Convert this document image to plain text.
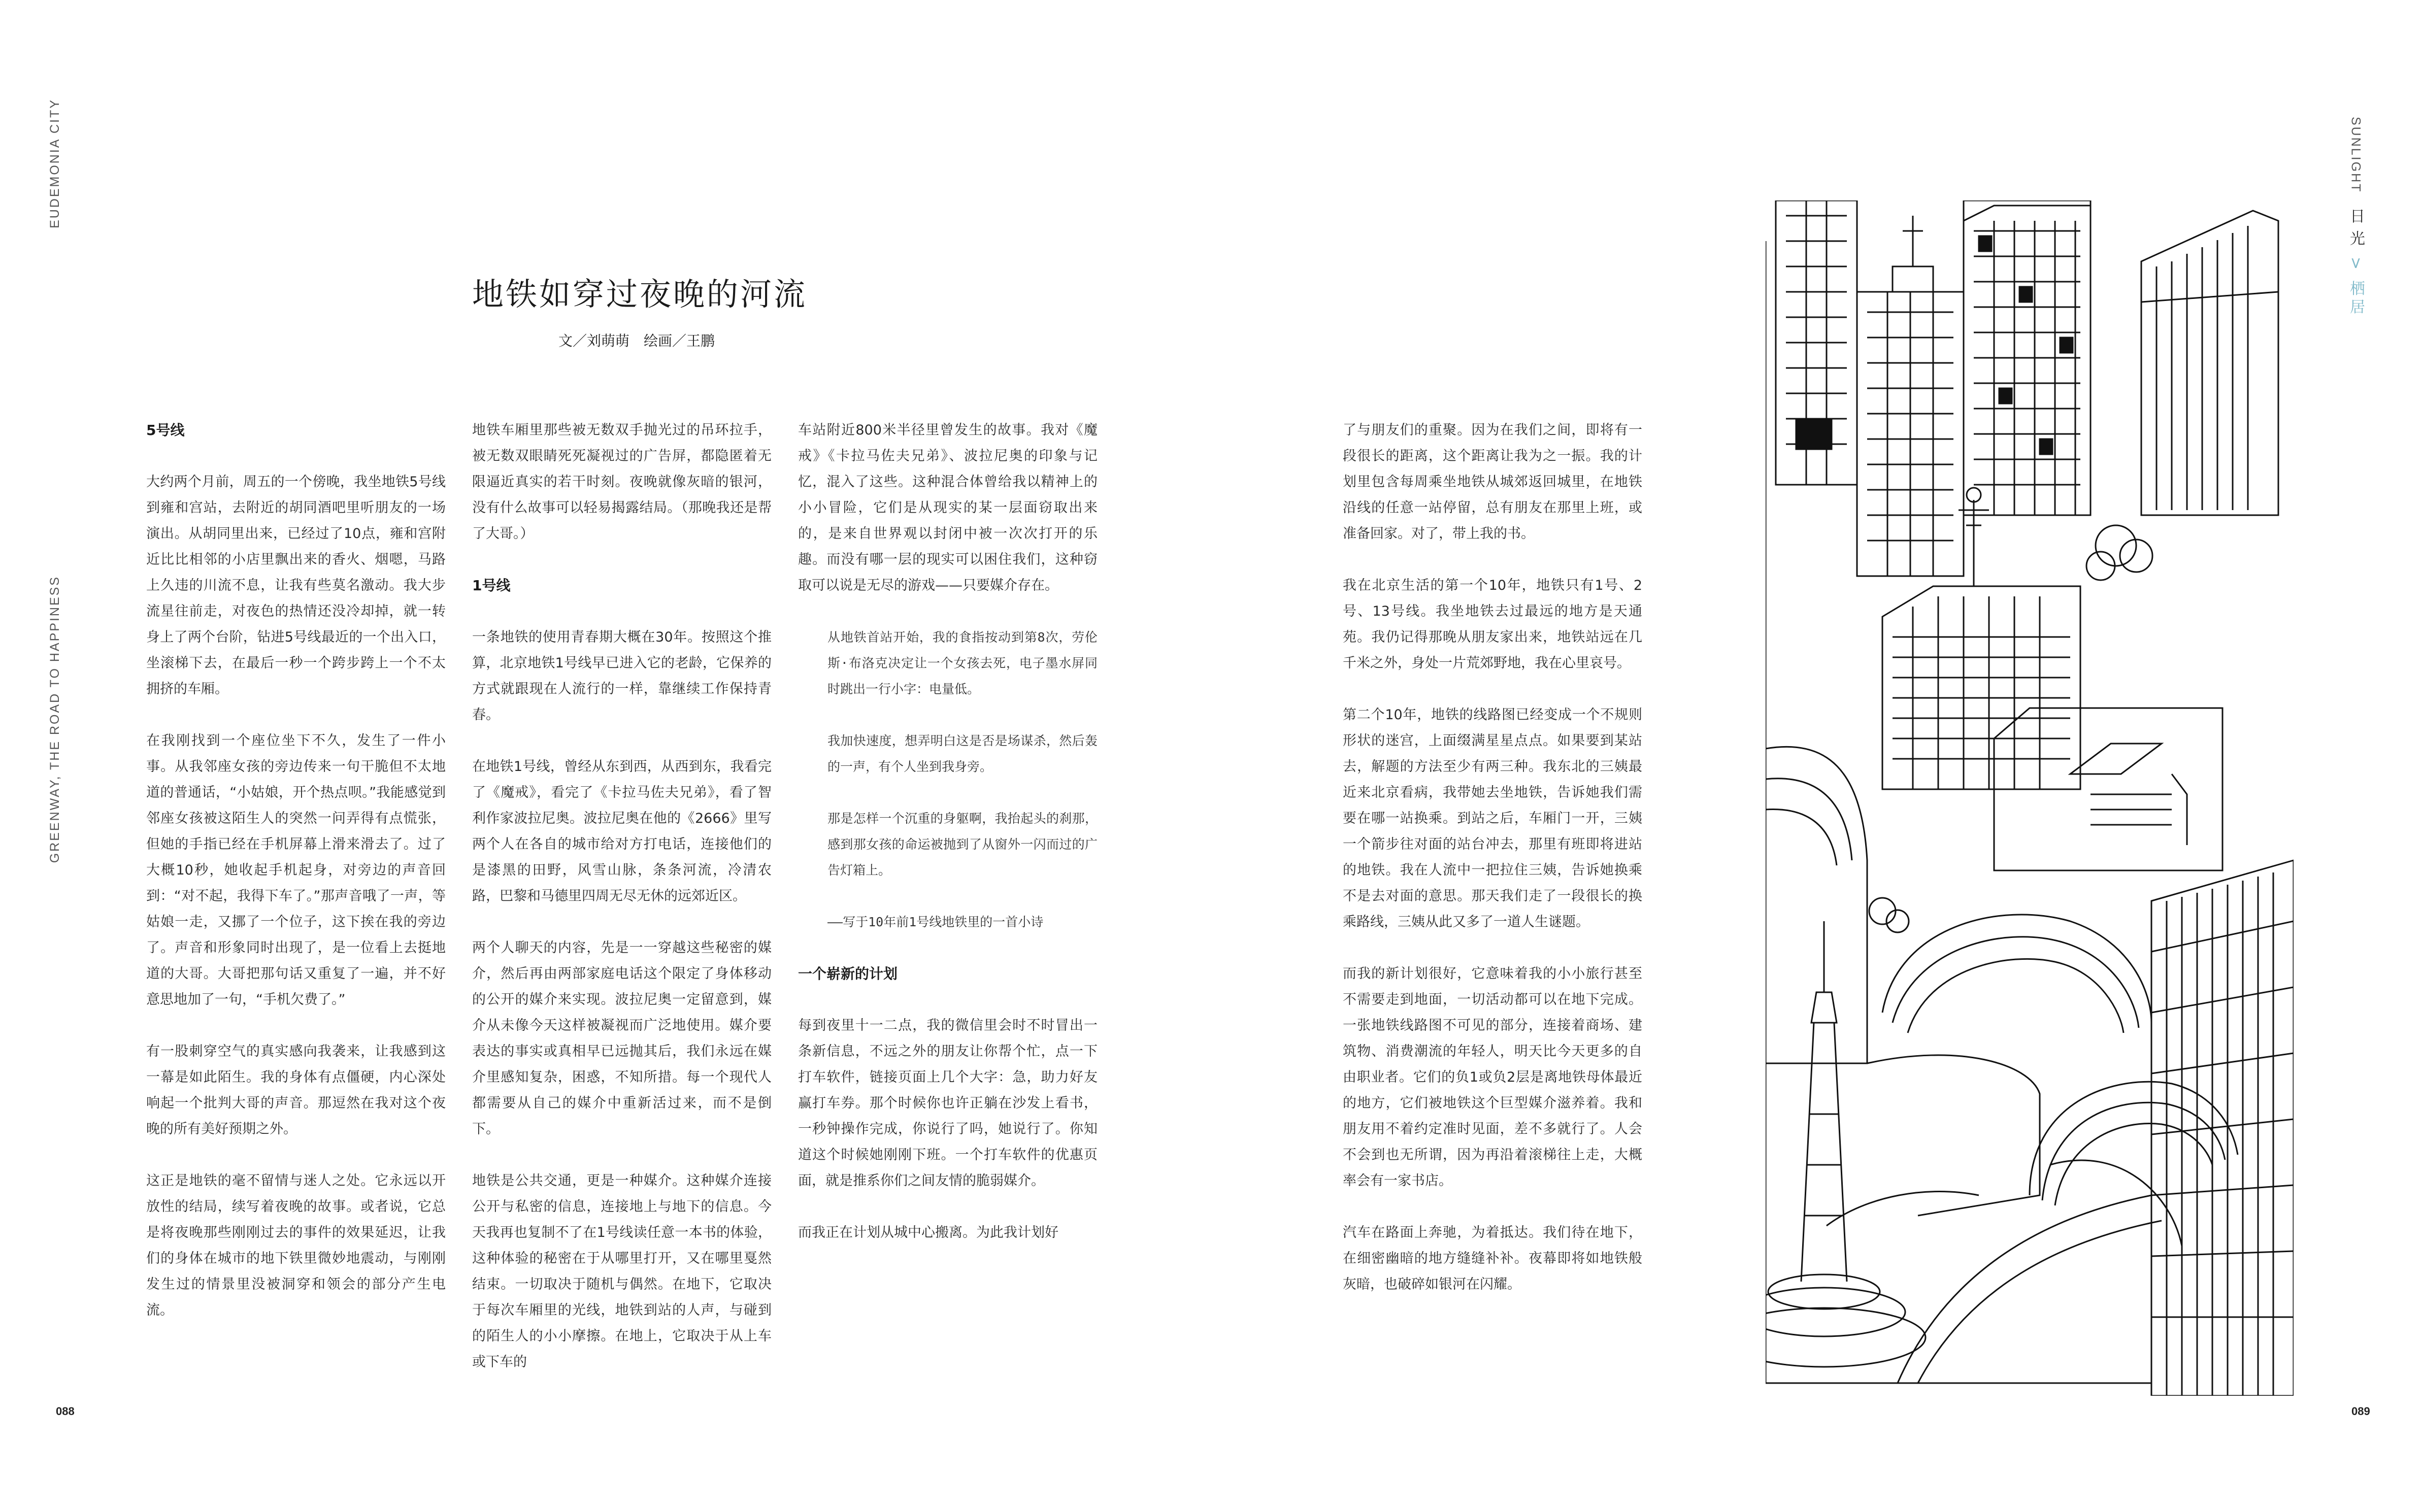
EUDEMONIA CITY
GREENWAY, THE ROAD TO HAPPINESS
地铁如穿过夜晚的河流
文／刘萌萌　绘画／王鹏
5号线

大约两个月前，周五的一个傍晚，我坐地铁5号线到雍和宫站，去附近的胡同酒吧里听朋友的一场演出。从胡同里出来，已经过了10点，雍和宫附近比比相邻的小店里飘出来的香火、烟嗯，马路上久违的川流不息，让我有些莫名激动。我大步流星往前走，对夜色的热情还没冷却掉，就一转身上了两个台阶，钻进5号线最近的一个出入口，坐滚梯下去，在最后一秒一个跨步跨上一个不太拥挤的车厢。

在我刚找到一个座位坐下不久，发生了一件小事。从我邻座女孩的旁边传来一句干脆但不太地道的普通话，“小姑娘，开个热点呗。”我能感觉到邻座女孩被这陌生人的突然一问弄得有点慌张，但她的手指已经在手机屏幕上滑来滑去了。过了大概10秒，她收起手机起身，对旁边的声音回到：“对不起，我得下车了。”那声音哦了一声，等姑娘一走，又挪了一个位子，这下挨在我的旁边了。声音和形象同时出现了，是一位看上去挺地道的大哥。大哥把那句话又重复了一遍，并不好意思地加了一句，“手机欠费了。”

有一股刺穿空气的真实感向我袭来，让我感到这一幕是如此陌生。我的身体有点僵硬，内心深处响起一个批判大哥的声音。那逗然在我对这个夜晚的所有美好预期之外。

这正是地铁的毫不留情与迷人之处。它永远以开放性的结局，续写着夜晚的故事。或者说，它总是将夜晚那些刚刚过去的事件的效果延迟，让我们的身体在城市的地下铁里微妙地震动，与刚刚发生过的情景里没被洞穿和领会的部分产生电流。

地铁车厢里那些被无数双手抛光过的吊环拉手，被无数双眼睛死死凝视过的广告屏，都隐匿着无限逼近真实的若干时刻。夜晚就像灰暗的银河，没有什么故事可以轻易揭露结局。（那晚我还是帮了大哥。）

1号线

一条地铁的使用青春期大概在30年。按照这个推算，北京地铁1号线早已进入它的老龄，它保养的方式就跟现在人流行的一样，靠继续工作保持青春。

在地铁1号线，曾经从东到西，从西到东，我看完了《魔戒》，看完了《卡拉马佐夫兄弟》，看了智利作家波拉尼奥。波拉尼奥在他的《2666》里写两个人在各自的城市给对方打电话，连接他们的是漆黑的田野，风雪山脉，条条河流，冷清农路，巴黎和马德里四周无尽无休的远郊近区。

两个人聊天的内容，先是一一穿越这些秘密的媒介，然后再由两部家庭电话这个限定了身体移动的公开的媒介来实现。波拉尼奥一定留意到，媒介从未像今天这样被凝视而广泛地使用。媒介要表达的事实或真相早已远抛其后，我们永远在媒介里感知复杂，困惑，不知所措。每一个现代人都需要从自己的媒介中重新活过来，而不是倒下。

地铁是公共交通，更是一种媒介。这种媒介连接公开与私密的信息，连接地上与地下的信息。今天我再也复制不了在1号线读任意一本书的体验，这种体验的秘密在于从哪里打开，又在哪里戛然结束。一切取决于随机与偶然。在地下，它取决于每次车厢里的光线，地铁到站的人声，与碰到的陌生人的小小摩擦。在地上，它取决于从上车或下车的

车站附近800米半径里曾发生的故事。我对《魔戒》《卡拉马佐夫兄弟》、波拉尼奥的印象与记忆，混入了这些。这种混合体曾给我以精神上的小小冒险，它们是从现实的某一层面窃取出来的，是来自世界观以封闭中被一次次打开的乐趣。而没有哪一层的现实可以困住我们，这种窃取可以说是无尽的游戏——只要媒介存在。

从地铁首站开始，我的食指按动到第8次，劳伦斯·布洛克决定让一个女孩去死，电子墨水屏同时跳出一行小字：电量低。

我加快速度，想弄明白这是否是场谋杀，然后轰的一声，有个人坐到我身旁。

那是怎样一个沉重的身躯啊，我抬起头的刹那，感到那女孩的命运被抛到了从窗外一闪而过的广告灯箱上。

——写于10年前1号线地铁里的一首小诗

一个崭新的计划

每到夜里十一二点，我的微信里会时不时冒出一条新信息，不远之外的朋友让你帮个忙，点一下打车软件，链接页面上几个大字：急，助力好友赢打车券。那个时候你也许正躺在沙发上看书，一秒钟操作完成，你说行了吗，她说行了。你知道这个时候她刚刚下班。一个打车软件的优惠页面，就是推系你们之间友情的脆弱媒介。

而我正在计划从城中心搬离。为此我计划好

了与朋友们的重聚。因为在我们之间，即将有一段很长的距离，这个距离让我为之一振。我的计划里包含每周乘坐地铁从城郊返回城里，在地铁沿线的任意一站停留，总有朋友在那里上班，或准备回家。对了，带上我的书。

我在北京生活的第一个10年，地铁只有1号、2号、13号线。我坐地铁去过最远的地方是天通苑。我仍记得那晚从朋友家出来，地铁站远在几千米之外，身处一片荒郊野地，我在心里哀号。

第二个10年，地铁的线路图已经变成一个不规则形状的迷宫，上面缀满星星点点。如果要到某站去，解题的方法至少有两三种。我东北的三姨最近来北京看病，我带她去坐地铁，告诉她我们需要在哪一站换乘。到站之后，车厢门一开，三姨一个箭步往对面的站台冲去，那里有班即将进站的地铁。我在人流中一把拉住三姨，告诉她换乘不是去对面的意思。那天我们走了一段很长的换乘路线，三姨从此又多了一道人生谜题。

而我的新计划很好，它意味着我的小小旅行甚至不需要走到地面，一切活动都可以在地下完成。一张地铁线路图不可见的部分，连接着商场、建筑物、消费潮流的年轻人，明天比今天更多的自由职业者。它们的负1或负2层是离地铁母体最近的地方，它们被地铁这个巨型媒介滋养着。我和朋友用不着约定准时见面，差不多就行了。人会不会到也无所谓，因为再沿着滚梯往上走，大概率会有一家书店。

汽车在路面上奔驰，为着抵达。我们待在地下，在细密幽暗的地方缝缝补补。夜幕即将如地铁般灰暗，也破碎如银河在闪耀。

088	089
SUNLIGHT
日光
> 栖居
